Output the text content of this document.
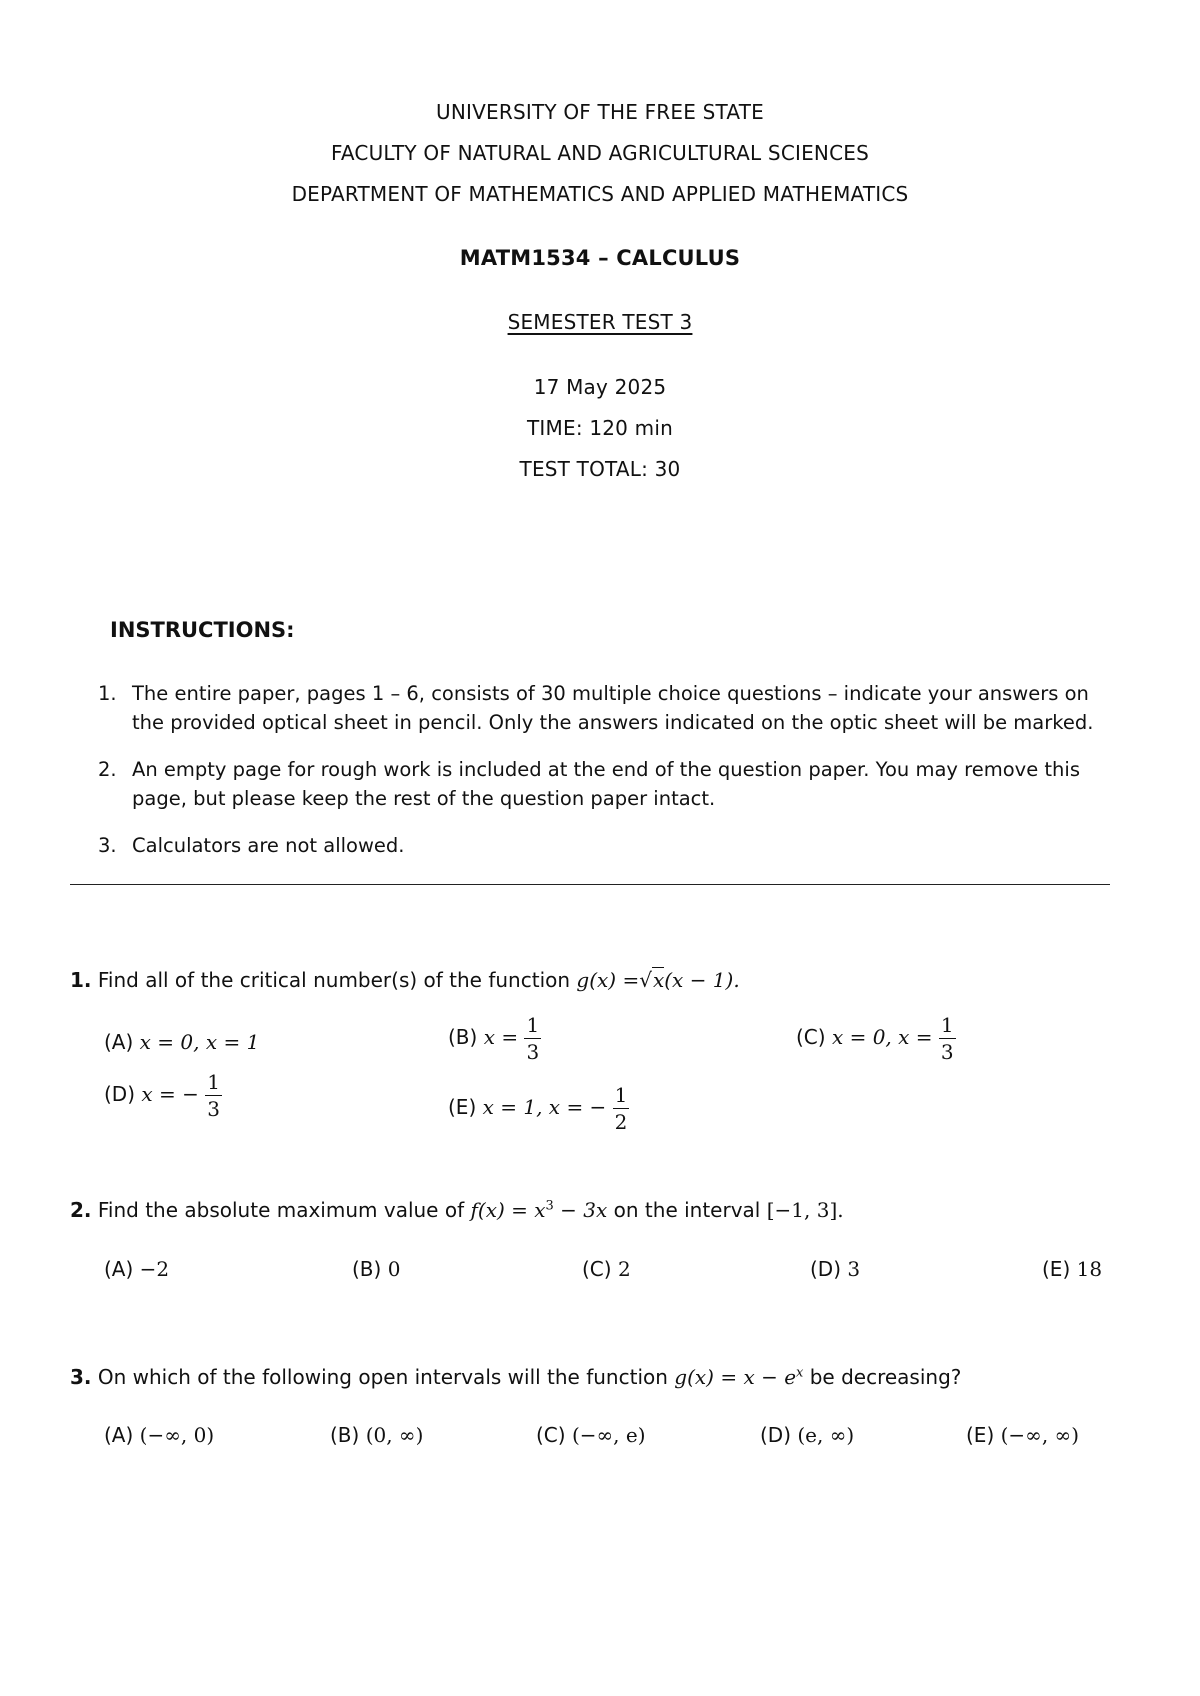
UNIVERSITY OF THE FREE STATE
FACULTY OF NATURAL AND AGRICULTURAL SCIENCES
DEPARTMENT OF MATHEMATICS AND APPLIED MATHEMATICS
MATM1534 – CALCULUS
SEMESTER TEST 3
17 May 2025
TIME: 120 min
TEST TOTAL: 30
INSTRUCTIONS:
1. The entire paper, pages 1 – 6, consists of 30 multiple choice questions – indicate your answers on the provided optical sheet in pencil. Only the answers indicated on the optic sheet will be marked.
2. An empty page for rough work is included at the end of the question paper. You may remove this page, but please keep the rest of the question paper intact.
3. Calculators are not allowed.
1. Find all of the critical number(s) of the function g(x) =√x(x − 1).
(A) x = 0, x = 1	(B) $x = \frac{1}{3}$	(C) x = 0, $x = \frac{1}{3}$
(D) x = − $\frac{1}{3}$	(E) x = 1, x = − $\frac{1}{2}$
2. Find the absolute maximum value of $f(x) = x^3 - 3x$ on the interval [−1, 3].
(A) −2	(B) 0	(C) 2	(D) 3	(E) 18
3. On which of the following open intervals will the function $g(x) = x - e^x$ be decreasing?
(A) (−∞, 0)	(B) (0, ∞)	(C) (−∞, e)	(D) (e, ∞)	(E) (−∞, ∞)
